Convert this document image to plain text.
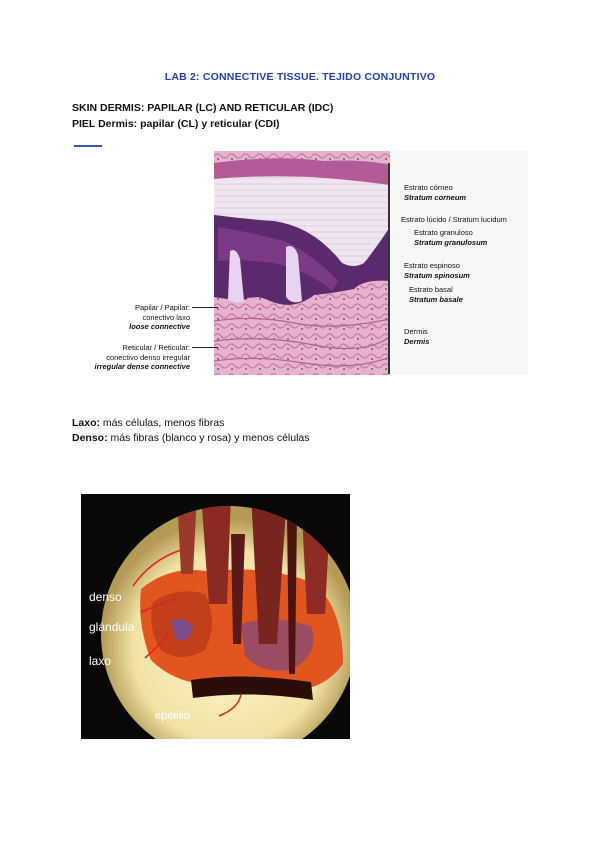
LAB 2: CONNECTIVE TISSUE. TEJIDO CONJUNTIVO
SKIN DERMIS: PAPILAR (LC) AND RETICULAR (IDC)
PIEL Dermis: papilar (CL) y reticular (CDI)
Estrato córneo
Stratum corneum
Estrato lúcido / Stratum lucidum
Estrato granuloso
Stratum granulosum
Estrato espinoso
Stratum spinosum
Estrato basal
Stratum basale
Dermis
Dermis
Papilar / Papilar:
conectivo laxo
loose connective
Reticular / Reticular:
conectivo denso irregular
irregular dense connective
Laxo: más células, menos fibras
Denso: más fibras (blanco y rosa) y menos células
denso
glándula
laxo
epitelio
